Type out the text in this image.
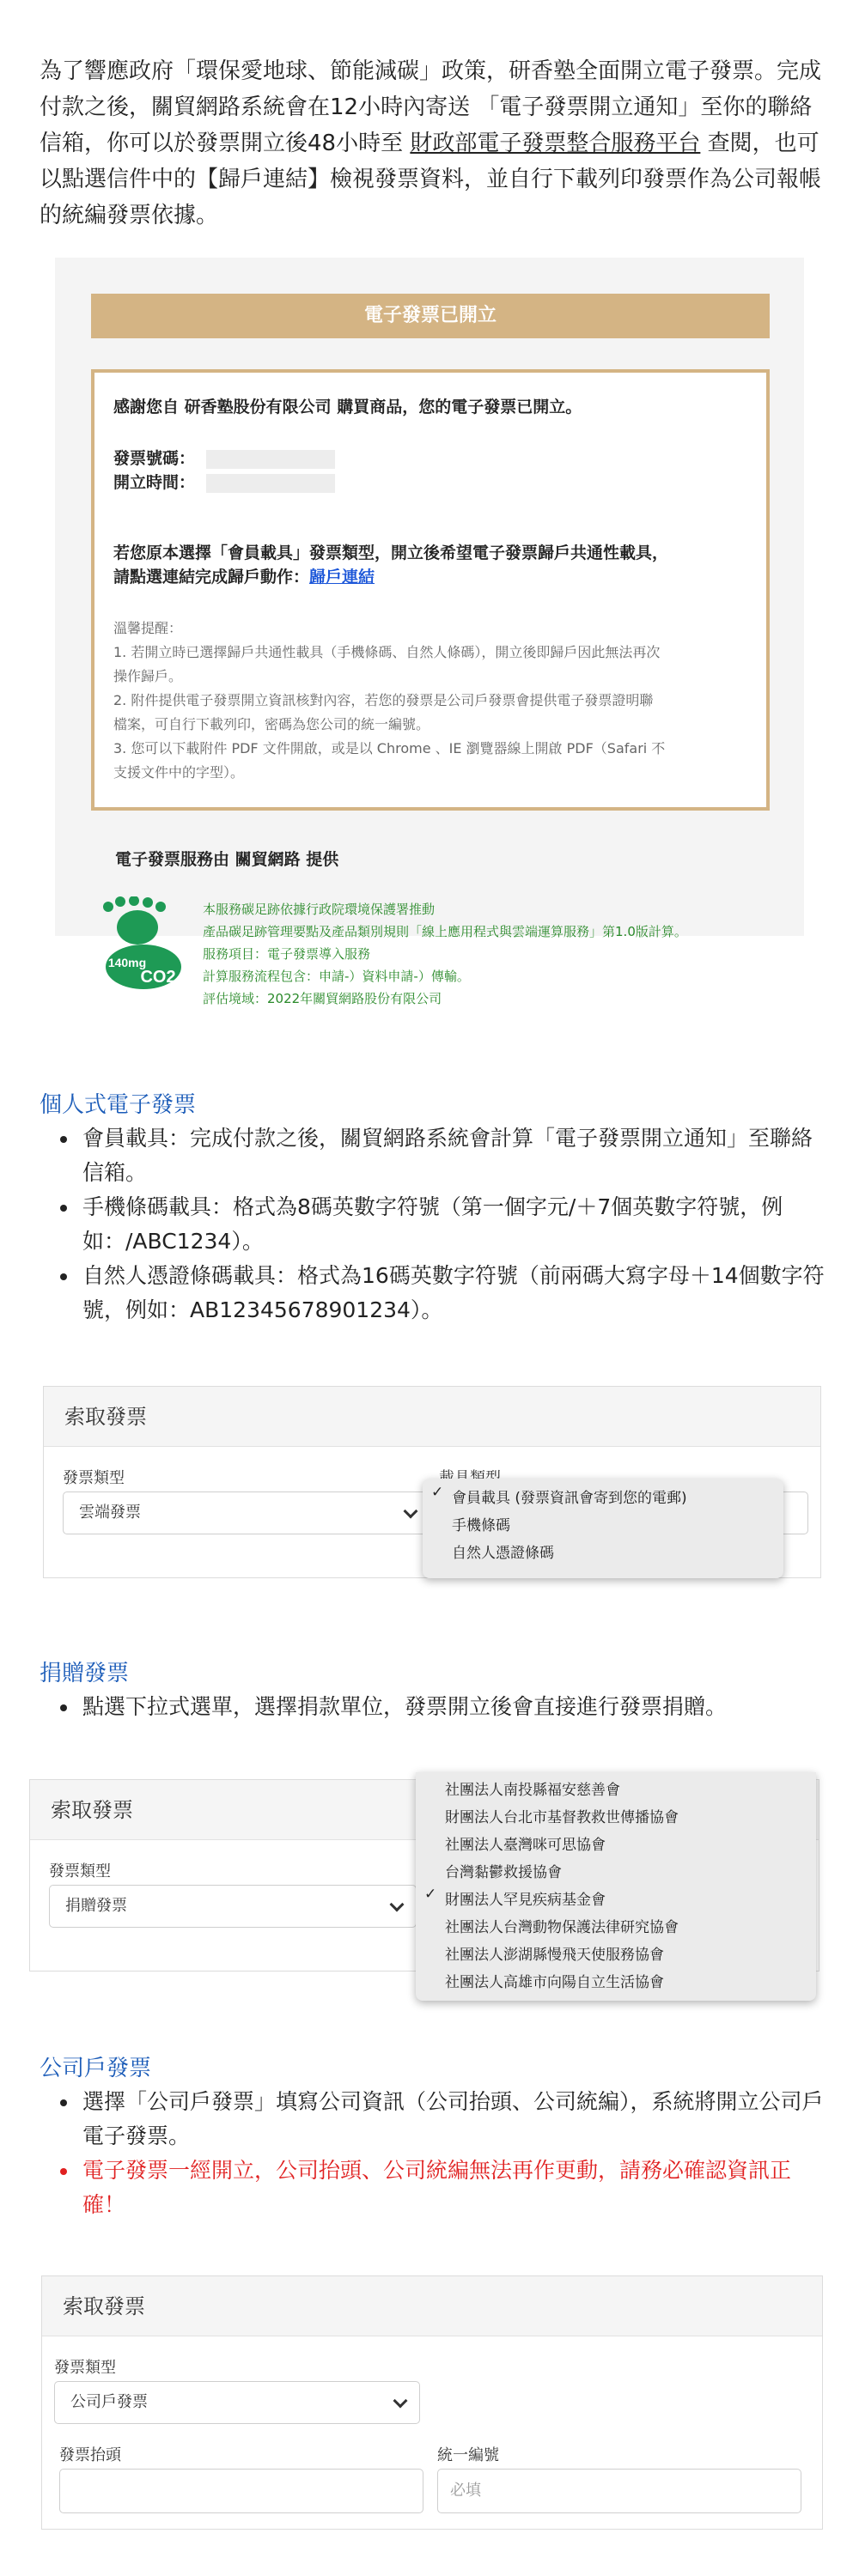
為了響應政府「環保愛地球、節能減碳」政策，研香塾全面開立電子發票。完成付款之後，關貿網路系統會在12小時內寄送 「電子發票開立通知」至你的聯絡信箱，你可以於發票開立後48小時至 財政部電子發票整合服務平台 查閱，也可以點選信件中的【歸戶連結】檢視發票資料，並自行下載列印發票作為公司報帳的統編發票依據。

電子發票已開立
感謝您自 研香塾股份有限公司 購買商品，您的電子發票已開立。
發票號碼：
開立時間：
若您原本選擇「會員載具」發票類型，開立後希望電子發票歸戶共通性載具，
請點選連結完成歸戶動作：歸戶連結
溫馨提醒：
1. 若開立時已選擇歸戶共通性載具（手機條碼、自然人條碼），開立後即歸戶因此無法再次
操作歸戶。
2. 附件提供電子發票開立資訊核對內容，若您的發票是公司戶發票會提供電子發票證明聯
檔案，可自行下載列印，密碼為您公司的統一編號。
3. 您可以下載附件 PDF 文件開啟，或是以 Chrome 、IE 瀏覽器線上開啟 PDF（Safari 不
支援文件中的字型）。
電子發票服務由 關貿網路 提供
140mg
CO2
本服務碳足跡依據行政院環境保護署推動
產品碳足跡管理要點及產品類別規則「線上應用程式與雲端運算服務」第1.0版計算。
服務項目：電子發票導入服務
計算服務流程包含：申請-）資料申請-）傳輸。
評估境域：2022年關貿網路股份有限公司
個人式電子發票
會員載具：完成付款之後，關貿網路系統會計算「電子發票開立通知」至聯絡信箱。
手機條碼載具：格式為8碼英數字符號（第一個字元/＋7個英數字符號，例如：/ABC1234）。
自然人憑證條碼載具：格式為16碼英數字符號（前兩碼大寫字母＋14個數字符號，例如：AB12345678901234）。
索取發票
發票類型
雲端發票
✓ 會員載具 (發票資訊會寄到您的電郵)
手機條碼
自然人憑證條碼
捐贈發票
點選下拉式選單，選擇捐款單位，發票開立後會直接進行發票捐贈。
索取發票
發票類型
捐贈發票
社團法人南投縣福安慈善會
財團法人台北市基督教救世傳播協會
社團法人臺灣咪可思協會
台灣黏鬱救援協會
✓ 財團法人罕見疾病基金會
社團法人台灣動物保護法律研究協會
社團法人澎湖縣慢飛天使服務協會
社團法人高雄市向陽自立生活協會
公司戶發票
選擇「公司戶發票」填寫公司資訊（公司抬頭、公司統編），系統將開立公司戶電子發票。
電子發票一經開立，公司抬頭、公司統編無法再作更動，請務必確認資訊正確！
索取發票
發票類型
公司戶發票
發票抬頭	統一編號
必填
